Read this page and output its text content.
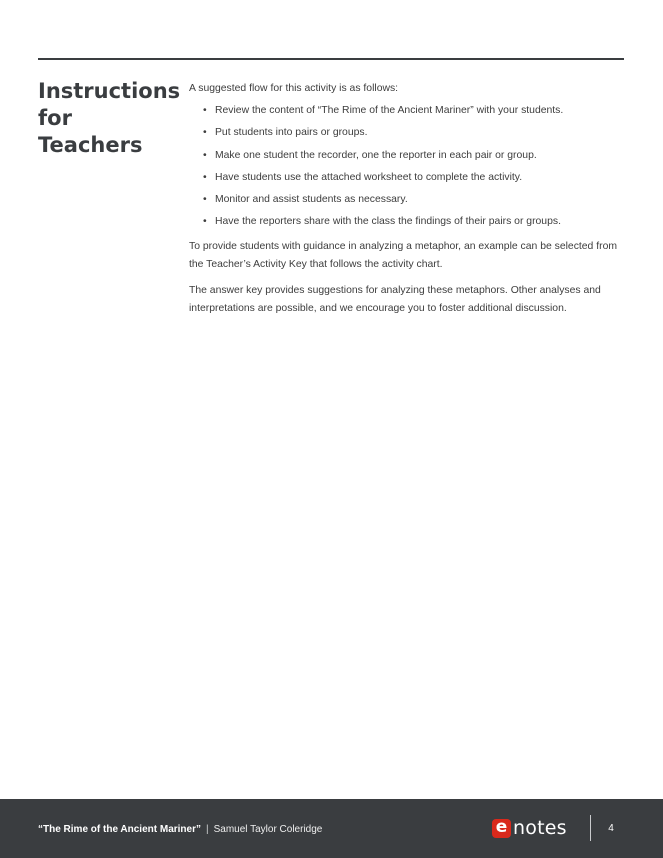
Instructions for Teachers

A suggested flow for this activity is as follows:

• Review the content of “The Rime of the Ancient Mariner” with your students.
• Put students into pairs or groups.
• Make one student the recorder, one the reporter in each pair or group.
• Have students use the attached worksheet to complete the activity.
• Monitor and assist students as necessary.
• Have the reporters share with the class the findings of their pairs or groups.

To provide students with guidance in analyzing a metaphor, an example can be selected from the Teacher’s Activity Key that follows the activity chart.

The answer key provides suggestions for analyzing these metaphors. Other analyses and interpretations are possible, and we encourage you to foster additional discussion.

“The Rime of the Ancient Mariner” | Samuel Taylor Coleridge	e notes	4
